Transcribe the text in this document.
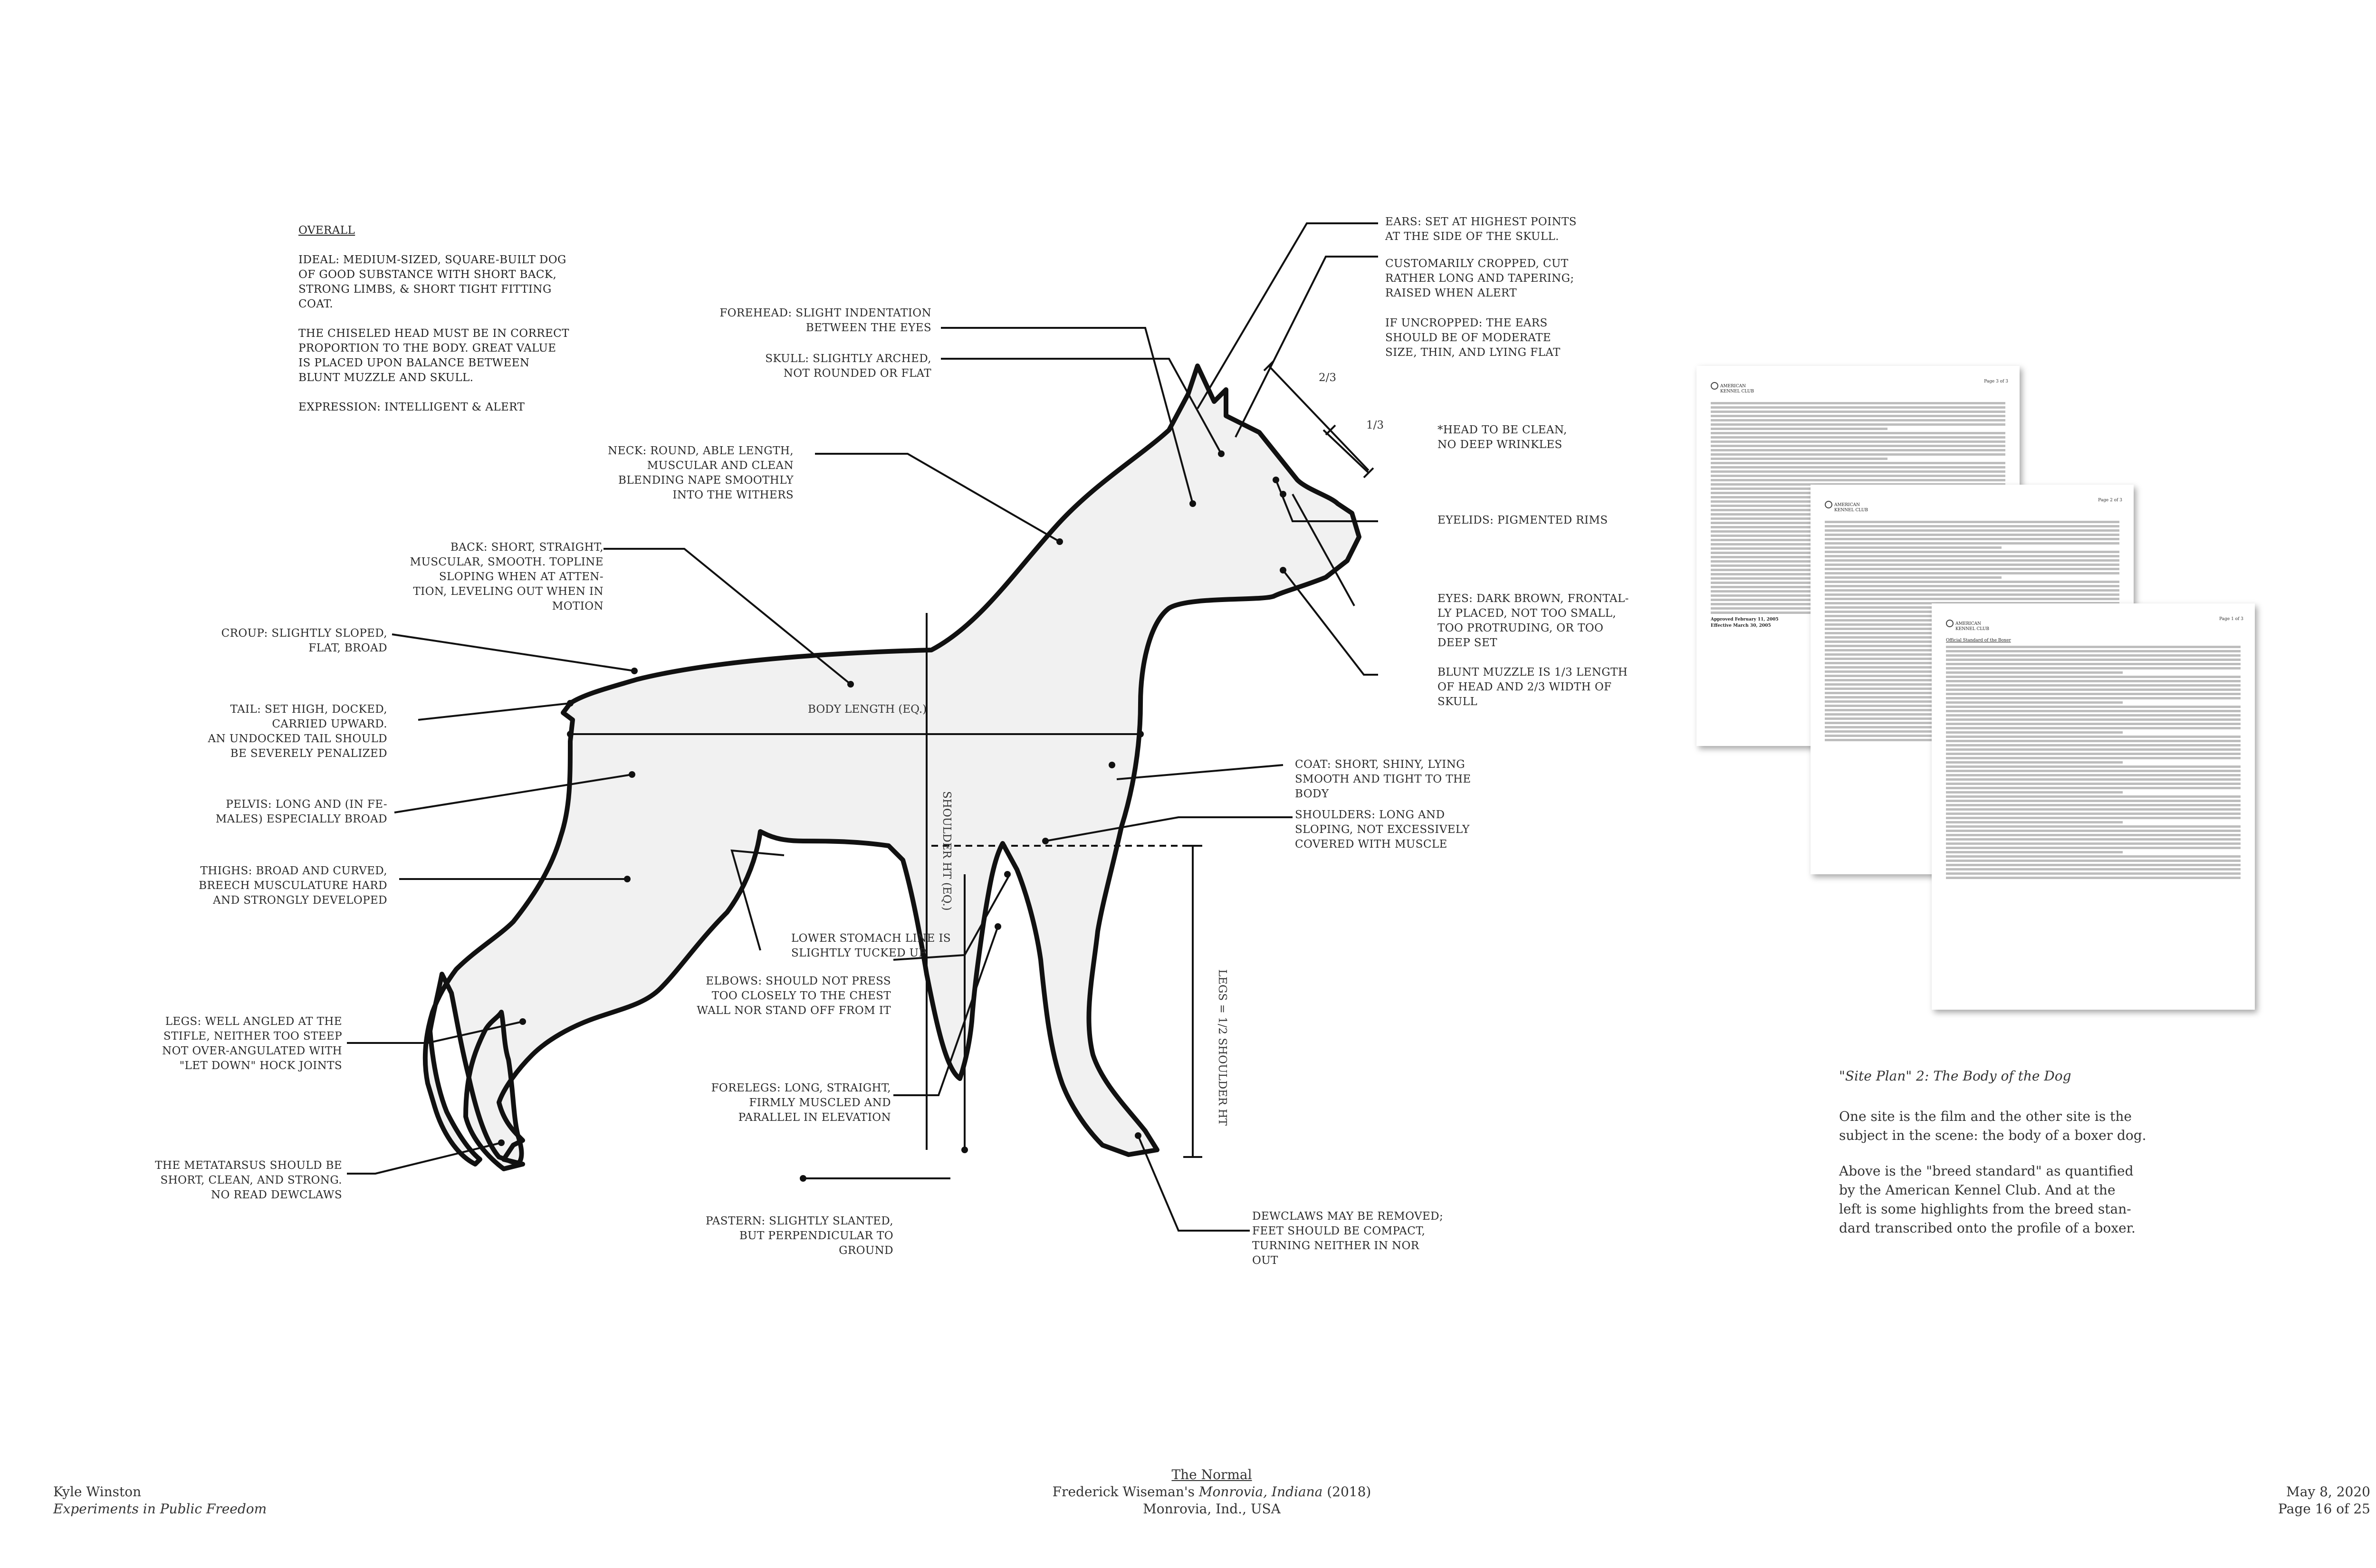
OVERALL

IDEAL: MEDIUM-SIZED, SQUARE-BUILT DOG
OF GOOD SUBSTANCE WITH SHORT BACK,
STRONG LIMBS, & SHORT TIGHT FITTING
COAT.

THE CHISELED HEAD MUST BE IN CORRECT
PROPORTION TO THE BODY. GREAT VALUE
IS PLACED UPON BALANCE BETWEEN
BLUNT MUZZLE AND SKULL.

EXPRESSION: INTELLIGENT & ALERT

FOREHEAD: SLIGHT INDENTATION
BETWEEN THE EYES
SKULL: SLIGHTLY ARCHED,
NOT ROUNDED OR FLAT
NECK: ROUND, ABLE LENGTH,
MUSCULAR AND CLEAN
BLENDING NAPE SMOOTHLY
INTO THE WITHERS
BACK: SHORT, STRAIGHT,
MUSCULAR, SMOOTH. TOPLINE
SLOPING WHEN AT ATTEN-
TION, LEVELING OUT WHEN IN
MOTION
CROUP: SLIGHTLY SLOPED,
FLAT, BROAD
TAIL: SET HIGH, DOCKED,
CARRIED UPWARD.
AN UNDOCKED TAIL SHOULD
BE SEVERELY PENALIZED
PELVIS: LONG AND (IN FE-
MALES) ESPECIALLY BROAD
THIGHS: BROAD AND CURVED,
BREECH MUSCULATURE HARD
AND STRONGLY DEVELOPED
LEGS: WELL ANGLED AT THE
STIFLE, NEITHER TOO STEEP
NOT OVER-ANGULATED WITH
"LET DOWN" HOCK JOINTS
THE METATARSUS SHOULD BE
SHORT, CLEAN, AND STRONG.
NO READ DEWCLAWS
EARS: SET AT HIGHEST POINTS
AT THE SIDE OF THE SKULL.
CUSTOMARILY CROPPED, CUT
RATHER LONG AND TAPERING;
RAISED WHEN ALERT
IF UNCROPPED: THE EARS
SHOULD BE OF MODERATE
SIZE, THIN, AND LYING FLAT
*HEAD TO BE CLEAN,
NO DEEP WRINKLES
EYELIDS: PIGMENTED RIMS
EYES: DARK BROWN, FRONTAL-
LY PLACED, NOT TOO SMALL,
TOO PROTRUDING, OR TOO
DEEP SET
BLUNT MUZZLE IS 1/3 LENGTH
OF HEAD AND 2/3 WIDTH OF
SKULL
COAT: SHORT, SHINY, LYING
SMOOTH AND TIGHT TO THE
BODY
SHOULDERS: LONG AND
SLOPING, NOT EXCESSIVELY
COVERED WITH MUSCLE
LOWER STOMACH LINE IS
SLIGHTLY TUCKED UP
ELBOWS: SHOULD NOT PRESS
TOO CLOSELY TO THE CHEST
WALL NOR STAND OFF FROM IT
FORELEGS: LONG, STRAIGHT,
FIRMLY MUSCLED AND
PARALLEL IN ELEVATION
PASTERN: SLIGHTLY SLANTED,
BUT PERPENDICULAR TO
GROUND
DEWCLAWS MAY BE REMOVED;
FEET SHOULD BE COMPACT,
TURNING NEITHER IN NOR
OUT
BODY LENGTH (EQ.)
SHOULDER HT (EQ.)
LEGS = 1/2 SHOULDER HT
2/3
1/3
AMERICAN
KENNEL CLUB
Page 3 of 3
Approved February 11, 2005
Effective March 30, 2005
AMERICAN
KENNEL CLUB
Page 2 of 3
AMERICAN
KENNEL CLUB
Page 1 of 3
Official Standard of the Boxer
"Site Plan" 2: The Body of the Dog
One site is the film and the other site is the
subject in the scene: the body of a boxer dog.
Above is the "breed standard" as quantified
by the American Kennel Club. And at the
left is some highlights from the breed stan-
dard transcribed onto the profile of a boxer.
Kyle Winston
Experiments in Public Freedom
The Normal
Frederick Wiseman's Monrovia, Indiana (2018)
Monrovia, Ind., USA
May 8, 2020
Page 16 of 25
